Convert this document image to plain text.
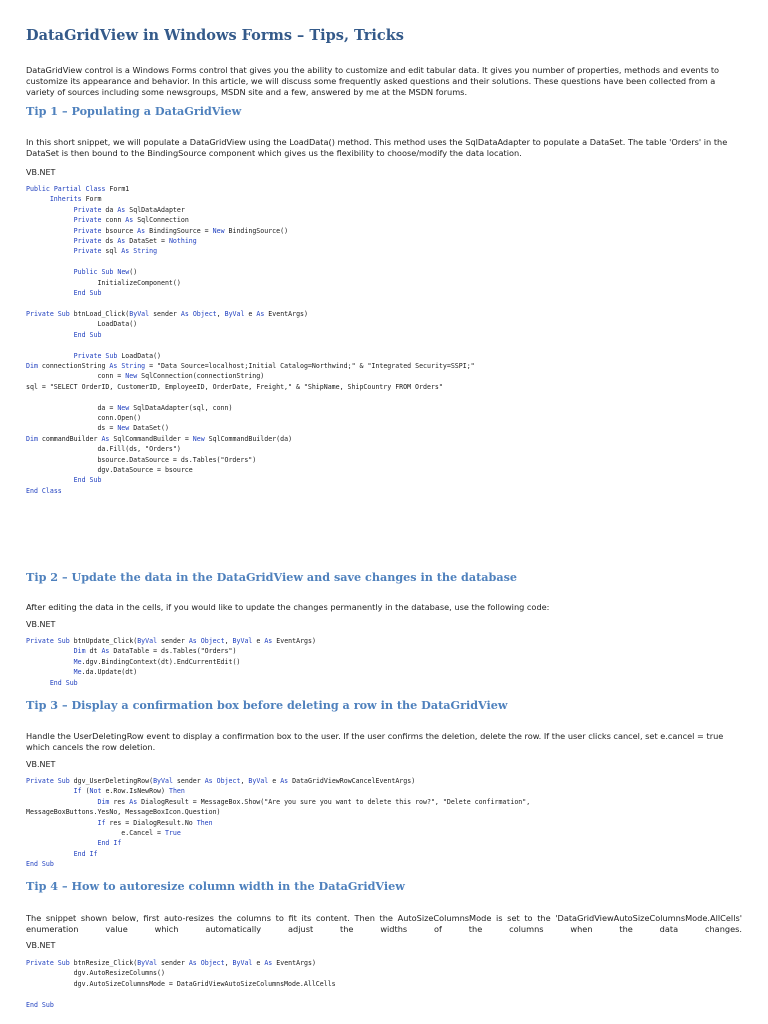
DataGridView in Windows Forms – Tips, Tricks

DataGridView control is a Windows Forms control that gives you the ability to customize and edit tabular data. It gives you number of properties, methods and events to customize its appearance and behavior. In this article, we will discuss some frequently asked questions and their solutions. These questions have been collected from a variety of sources including some newsgroups, MSDN site and a few, answered by me at the MSDN forums.

Tip 1 – Populating a DataGridView

In this short snippet, we will populate a DataGridView using the LoadData() method. This method uses the SqlDataAdapter to populate a DataSet. The table 'Orders' in the DataSet is then bound to the BindingSource component which gives us the flexibility to choose/modify the data location.

VB.NET
Public Partial Class Form1
Inherits Form
Private da As SqlDataAdapter
Private conn As SqlConnection
Private bsource As BindingSource = New BindingSource()
Private ds As DataSet = Nothing
Private sql As String

Public Sub New()
InitializeComponent()
End Sub

Private Sub btnLoad_Click(ByVal sender As Object, ByVal e As EventArgs)
LoadData()
End Sub

Private Sub LoadData()
Dim connectionString As String = "Data Source=localhost;Initial Catalog=Northwind;" & "Integrated Security=SSPI;"
conn = New SqlConnection(connectionString)
sql = "SELECT OrderID, CustomerID, EmployeeID, OrderDate, Freight," & "ShipName, ShipCountry FROM Orders"

da = New SqlDataAdapter(sql, conn)
conn.Open()
ds = New DataSet()
Dim commandBuilder As SqlCommandBuilder = New SqlCommandBuilder(da)
da.Fill(ds, "Orders")
bsource.DataSource = ds.Tables("Orders")
dgv.DataSource = bsource
End Sub
End Class
Tip 2 – Update the data in the DataGridView and save changes in the database

After editing the data in the cells, if you would like to update the changes permanently in the database, use the following code:

VB.NET
Private Sub btnUpdate_Click(ByVal sender As Object, ByVal e As EventArgs)
Dim dt As DataTable = ds.Tables("Orders")
Me.dgv.BindingContext(dt).EndCurrentEdit()
Me.da.Update(dt)
End Sub
Tip 3 – Display a confirmation box before deleting a row in the DataGridView

Handle the UserDeletingRow event to display a confirmation box to the user. If the user confirms the deletion, delete the row. If the user clicks cancel, set e.cancel = true which cancels the row deletion.

VB.NET
Private Sub dgv_UserDeletingRow(ByVal sender As Object, ByVal e As DataGridViewRowCancelEventArgs)
If (Not e.Row.IsNewRow) Then
Dim res As DialogResult = MessageBox.Show("Are you sure you want to delete this row?", "Delete confirmation",
MessageBoxButtons.YesNo, MessageBoxIcon.Question)
If res = DialogResult.No Then
e.Cancel = True
End If
End If
End Sub
Tip 4 – How to autoresize column width in the DataGridView

The snippet shown below, first auto-resizes the columns to fit its content. Then the AutoSizeColumnsMode is set to the 'DataGridViewAutoSizeColumnsMode.AllCells' enumeration value which automatically adjust the widths of the columns when the data changes.

VB.NET
Private Sub btnResize_Click(ByVal sender As Object, ByVal e As EventArgs)
dgv.AutoResizeColumns()
dgv.AutoSizeColumnsMode = DataGridViewAutoSizeColumnsMode.AllCells

End Sub
